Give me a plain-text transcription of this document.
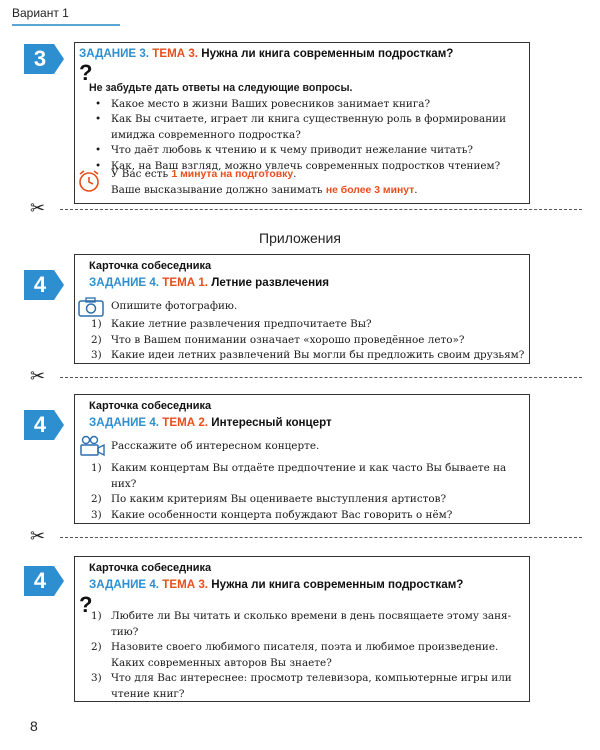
Вариант 1
3	ЗАДАНИЕ 3. ТЕМА 3. Нужна ли книга современным подросткам?
?
Не забудьте дать ответы на следующие вопросы.
• Какое место в жизни Ваших ровесников занимает книга?
• Как Вы считаете, играет ли книга существенную роль в формировании
имиджа современного подростка?
• Что даёт любовь к чтению и к чему приводит нежелание читать?
• Как, на Ваш взгляд, можно увлечь современных подростков чтением?
У Вас есть 1 минута на подготовку.
Ваше высказывание должно занимать не более 3 минут.
✂
Приложения
4
Карточка собеседника
ЗАДАНИЕ 4. ТЕМА 1. Летние развлечения
Опишите фотографию.
1) Какие летние развлечения предпочитаете Вы?
2) Что в Вашем понимании означает «хорошо проведённое лето»?
3) Какие идеи летних развлечений Вы могли бы предложить своим друзьям?
✂
4
Карточка собеседника
ЗАДАНИЕ 4. ТЕМА 2. Интересный концерт
Расскажите об интересном концерте.
1) Каким концертам Вы отдаёте предпочтение и как часто Вы бываете на
них?
2) По каким критериям Вы оцениваете выступления артистов?
3) Какие особенности концерта побуждают Вас говорить о нём?
✂
4	Карточка собеседника
ЗАДАНИЕ 4. ТЕМА 3. Нужна ли книга современным подросткам?
?
1) Любите ли Вы читать и сколько времени в день посвящаете этому заня-
тию?
2) Назовите своего любимого писателя, поэта и любимое произведение.
Каких современных авторов Вы знаете?
3) Что для Вас интереснее: просмотр телевизора, компьютерные игры или
чтение книг?
8
